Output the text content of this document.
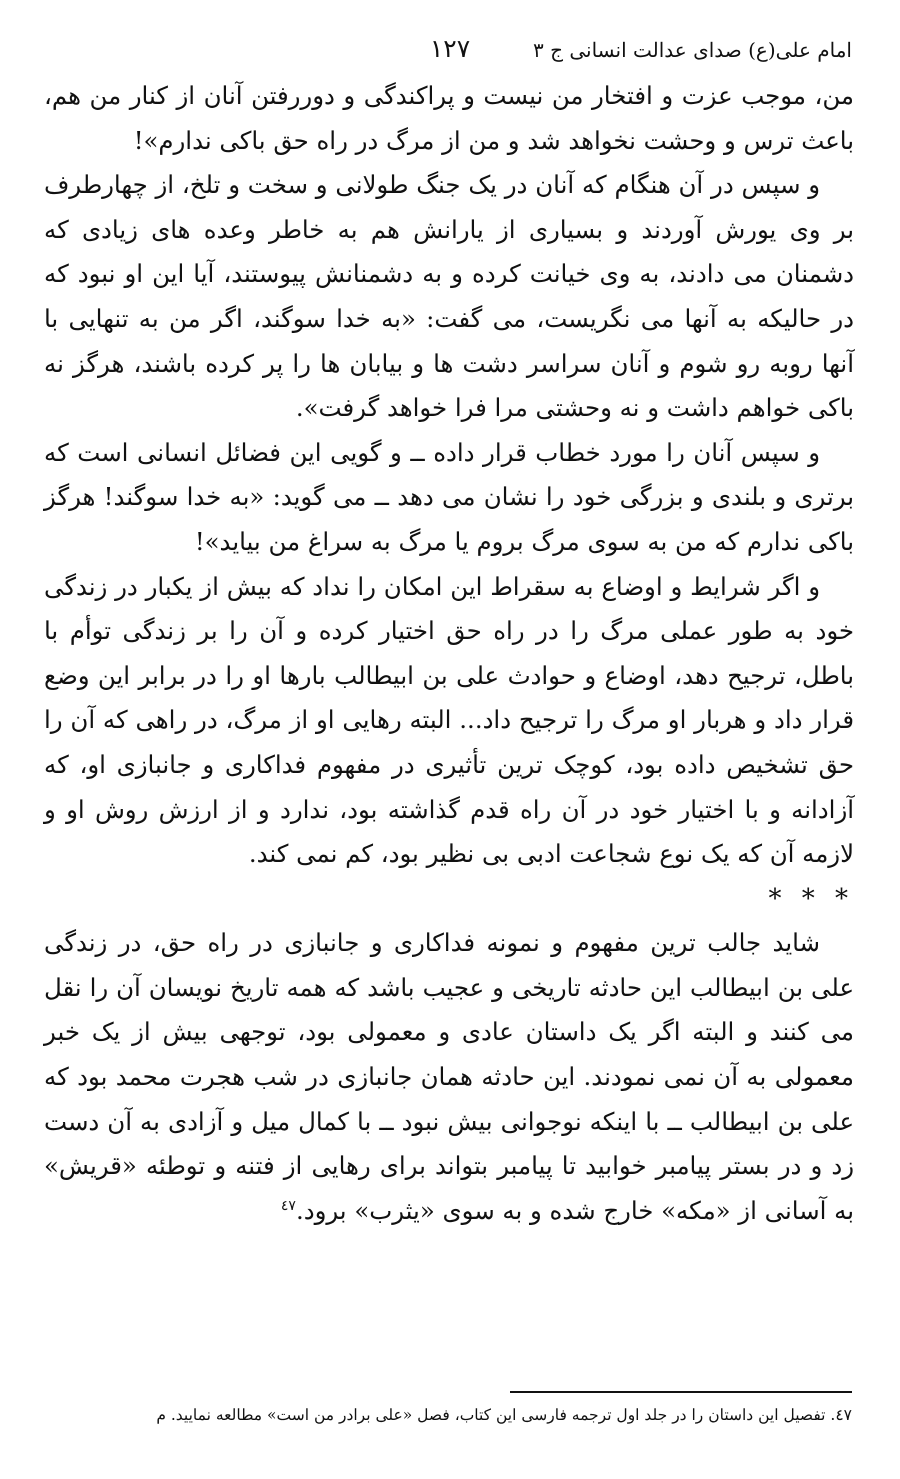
امام علی(ع) صدای عدالت انسانی ج ۳
۱۲۷

من، موجب عزت و افتخار من نیست و پراکندگی و دوررفتن آنان از کنار من هم، باعث ترس و وحشت نخواهد شد و من از مرگ در راه حق باکی ندارم»!

و سپس در آن هنگام که آنان در یک جنگ طولانی و سخت و تلخ، از چهارطرف بر وی یورش آوردند و بسیاری از یارانش هم به خاطر وعده های زیادی که دشمنان می دادند، به وی خیانت کرده و به دشمنانش پیوستند، آیا این او نبود که در حالیکه به آنها می نگریست، می گفت: «به خدا سوگند، اگر من به تنهایی با آنها روبه رو شوم و آنان سراسر دشت ها و بیابان ها را پر کرده باشند، هرگز نه باکی خواهم داشت و نه وحشتی مرا فرا خواهد گرفت».

و سپس آنان را مورد خطاب قرار داده ــ و گویی این فضائل انسانی است که برتری و بلندی و بزرگی خود را نشان می دهد ــ می گوید: «به خدا سوگند! هرگز باکی ندارم که من به سوی مرگ بروم یا مرگ به سراغ من بیاید»!

و اگر شرایط و اوضاع به سقراط این امکان را نداد که بیش از یکبار در زندگی خود به طور عملی مرگ را در راه حق اختیار کرده و آن را بر زندگی توأم با باطل، ترجیح دهد، اوضاع و حوادث علی بن ابیطالب بارها او را در برابر این وضع قرار داد و هربار او مرگ را ترجیح داد... البته رهایی او از مرگ، در راهی که آن را حق تشخیص داده بود، کوچک ترین تأثیری در مفهوم فداکاری و جانبازی او، که آزادانه و با اختیار خود در آن راه قدم گذاشته بود، ندارد و از ارزش روش او و لازمه آن که یک نوع شجاعت ادبی بی نظیر بود، کم نمی کند.

* * *

شاید جالب ترین مفهوم و نمونه فداکاری و جانبازی در راه حق، در زندگی علی بن ابیطالب این حادثه تاریخی و عجیب باشد که همه تاریخ نویسان آن را نقل می کنند و البته اگر یک داستان عادی و معمولی بود، توجهی بیش از یک خبر معمولی به آن نمی نمودند. این حادثه همان جانبازی در شب هجرت محمد بود که علی بن ابیطالب ــ با اینکه نوجوانی بیش نبود ــ با کمال میل و آزادی به آن دست زد و در بستر پیامبر خوابید تا پیامبر بتواند برای رهایی از فتنه و توطئه «قریش» به آسانی از «مکه» خارج شده و به سوی «یثرب» برود.$^{٤٧}$

٤٧. تفصیل این داستان را در جلد اول ترجمه فارسی این کتاب، فصل «علی برادر من است» مطالعه نمایید. م
